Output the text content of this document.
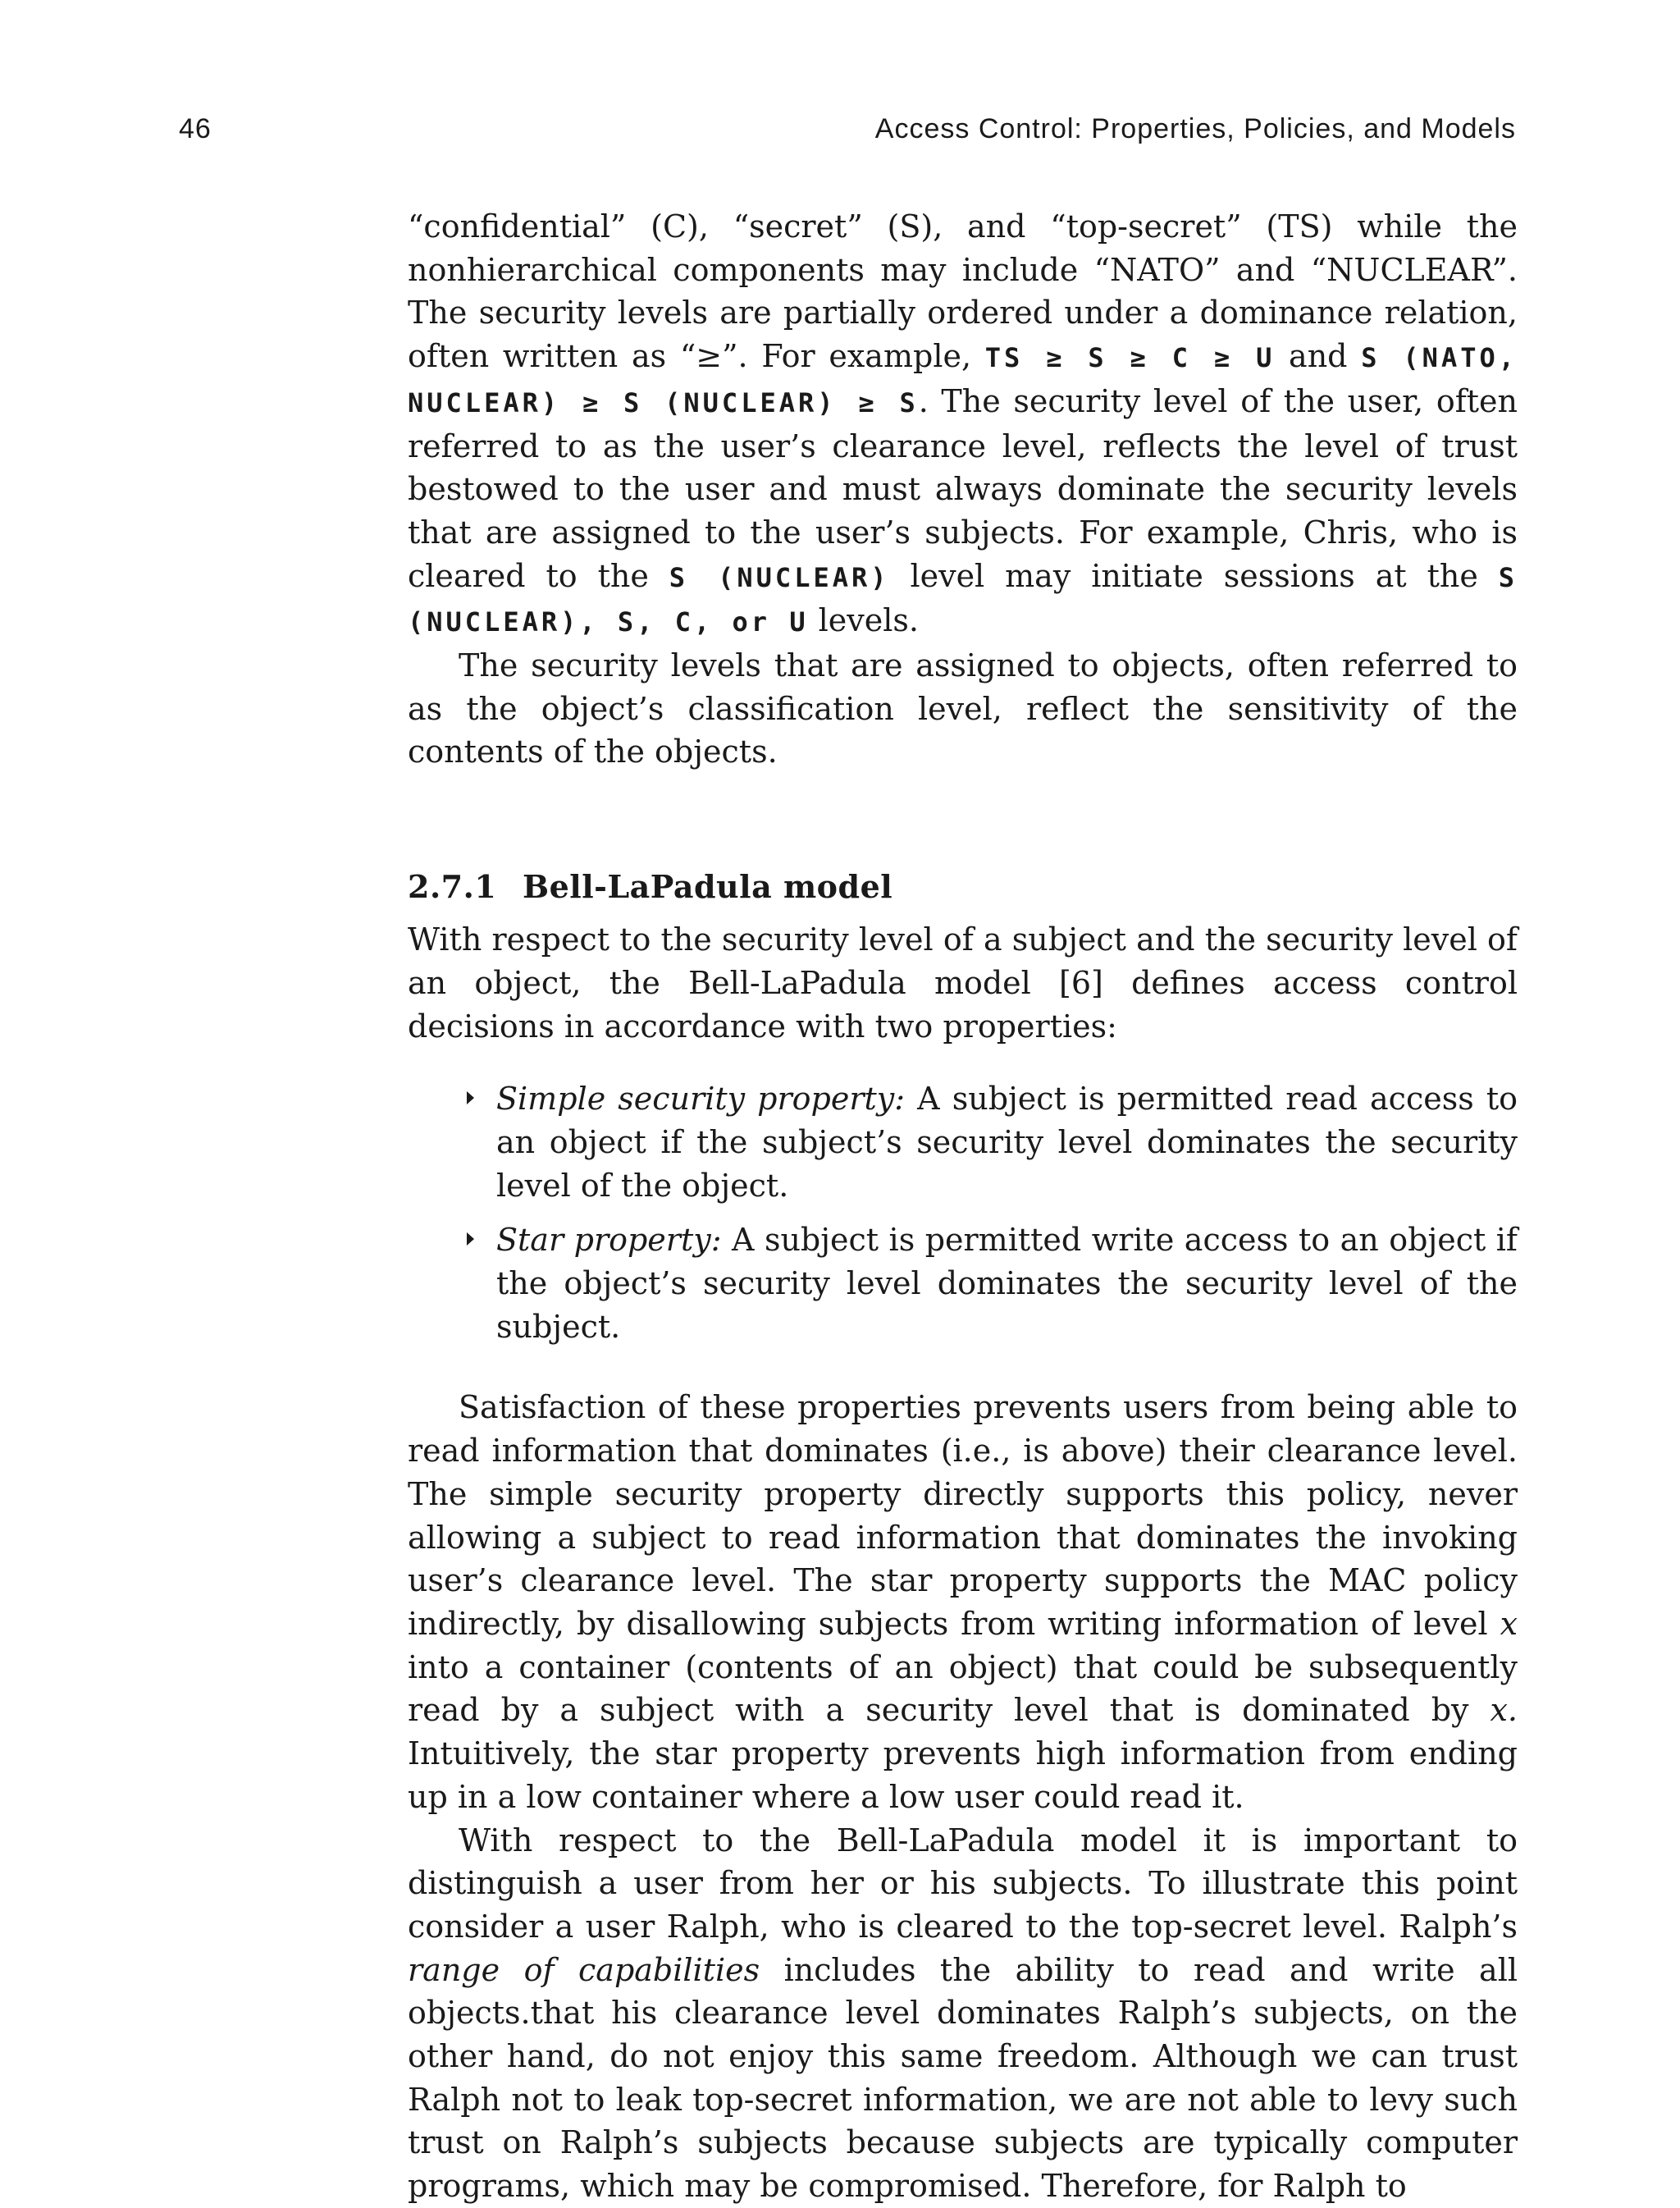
46	Access Control: Properties, Policies, and Models

“confidential” (C), “secret” (S), and “top-secret” (TS) while the nonhierarchical components may include “NATO” and “NUCLEAR”. The security levels are partially ordered under a dominance relation, often written as “≥”. For example, TS ≥ S ≥ C ≥ U and S (NATO, NUCLEAR) ≥ S (NUCLEAR) ≥ S. The security level of the user, often referred to as the user’s clearance level, reflects the level of trust bestowed to the user and must always dominate the security levels that are assigned to the user’s subjects. For example, Chris, who is cleared to the S (NUCLEAR) level may initiate sessions at the S (NUCLEAR), S, C, or U levels.

The security levels that are assigned to objects, often referred to as the object’s classification level, reflect the sensitivity of the contents of the objects.

2.7.1 Bell-LaPadula model

With respect to the security level of a subject and the security level of an object, the Bell-LaPadula model [6] defines access control decisions in accordance with two properties:

Simple security property: A subject is permitted read access to an object if the subject’s security level dominates the security level of the object.
Star property: A subject is permitted write access to an object if the object’s security level dominates the security level of the subject.

Satisfaction of these properties prevents users from being able to read information that dominates (i.e., is above) their clearance level. The simple security property directly supports this policy, never allowing a subject to read information that dominates the invoking user’s clearance level. The star property supports the MAC policy indirectly, by disallowing subjects from writing information of level x into a container (contents of an object) that could be subsequently read by a subject with a security level that is dominated by x. Intuitively, the star property prevents high information from ending up in a low container where a low user could read it.

With respect to the Bell-LaPadula model it is important to distinguish a user from her or his subjects. To illustrate this point consider a user Ralph, who is cleared to the top-secret level. Ralph’s range of capabilities includes the ability to read and write all objects.that his clearance level dominates Ralph’s subjects, on the other hand, do not enjoy this same freedom. Although we can trust Ralph not to leak top-secret information, we are not able to levy such trust on Ralph’s subjects because subjects are typically computer programs, which may be compromised. Therefore, for Ralph to
